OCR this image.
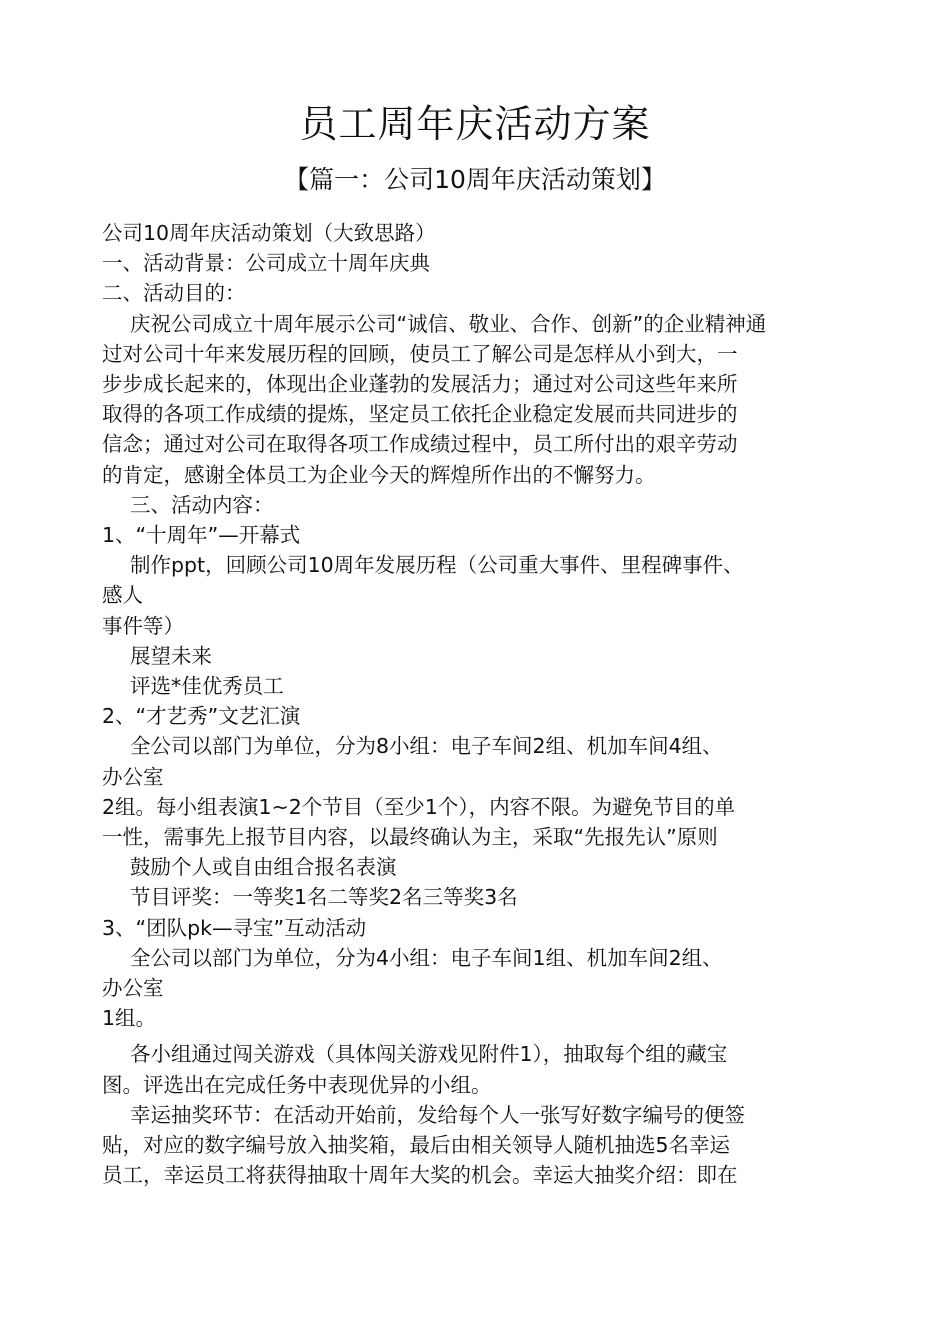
员工周年庆活动方案
【篇一：公司10周年庆活动策划】

公司10周年庆活动策划（大致思路）

一、活动背景：公司成立十周年庆典

二、活动目的：

庆祝公司成立十周年展示公司“诚信、敬业、合作、创新”的企业精神通

过对公司十年来发展历程的回顾，使员工了解公司是怎样从小到大，一

步步成长起来的，体现出企业蓬勃的发展活力；通过对公司这些年来所

取得的各项工作成绩的提炼，坚定员工依托企业稳定发展而共同进步的

信念；通过对公司在取得各项工作成绩过程中，员工所付出的艰辛劳动

的肯定，感谢全体员工为企业今天的辉煌所作出的不懈努力。

三、活动内容：

1、“十周年”—开幕式

制作ppt，回顾公司10周年发展历程（公司重大事件、里程碑事件、

感人

事件等）

展望未来

评选*佳优秀员工

2、“才艺秀”文艺汇演

全公司以部门为单位，分为8小组：电子车间2组、机加车间4组、

办公室

2组。每小组表演1~2个节目（至少1个），内容不限。为避免节目的单

一性，需事先上报节目内容，以最终确认为主，采取“先报先认”原则

鼓励个人或自由组合报名表演

节目评奖：一等奖1名二等奖2名三等奖3名

3、“团队pk—寻宝”互动活动

全公司以部门为单位，分为4小组：电子车间1组、机加车间2组、

办公室

1组。

各小组通过闯关游戏（具体闯关游戏见附件1），抽取每个组的藏宝

图。评选出在完成任务中表现优异的小组。

幸运抽奖环节：在活动开始前，发给每个人一张写好数字编号的便签

贴，对应的数字编号放入抽奖箱，最后由相关领导人随机抽选5名幸运

员工，幸运员工将获得抽取十周年大奖的机会。幸运大抽奖介绍：即在
